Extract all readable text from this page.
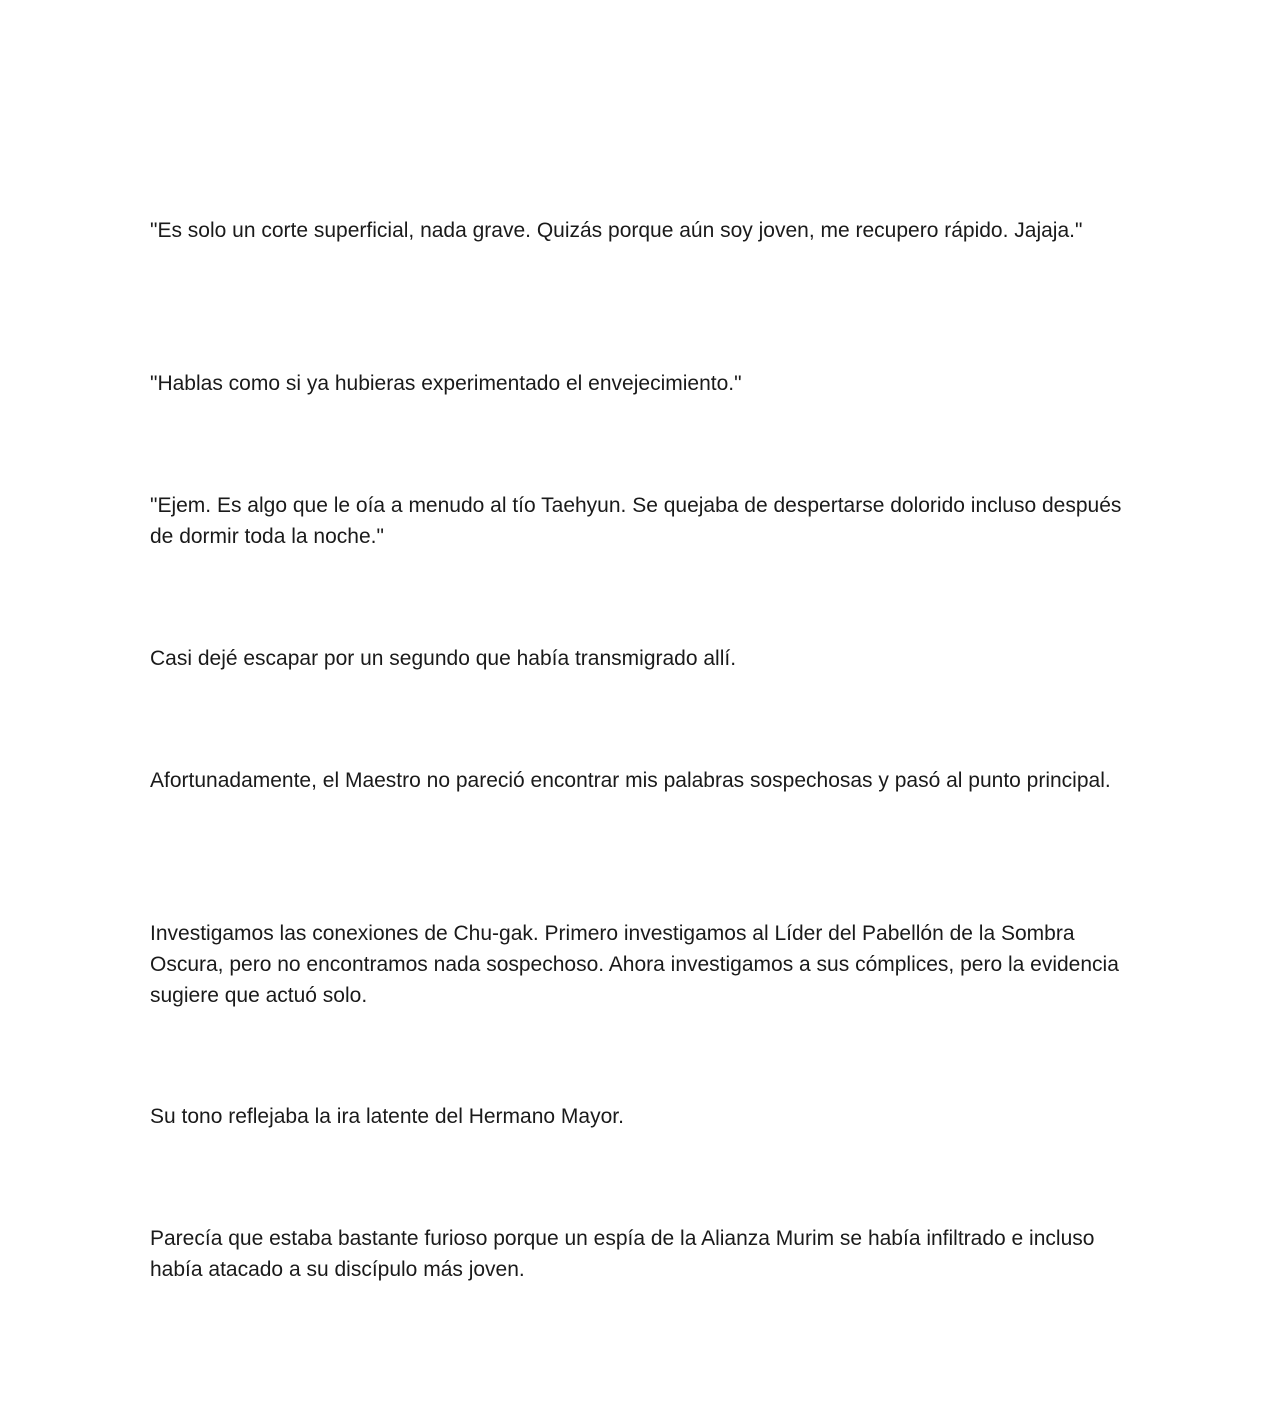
"Es solo un corte superficial, nada grave. Quizás porque aún soy joven, me recupero rápido. Jajaja."

"Hablas como si ya hubieras experimentado el envejecimiento."

"Ejem. Es algo que le oía a menudo al tío Taehyun. Se quejaba de despertarse dolorido incluso después de dormir toda la noche."

Casi dejé escapar por un segundo que había transmigrado allí.

Afortunadamente, el Maestro no pareció encontrar mis palabras sospechosas y pasó al punto principal.

Investigamos las conexiones de Chu-gak. Primero investigamos al Líder del Pabellón de la Sombra Oscura, pero no encontramos nada sospechoso. Ahora investigamos a sus cómplices, pero la evidencia sugiere que actuó solo.

Su tono reflejaba la ira latente del Hermano Mayor.

Parecía que estaba bastante furioso porque un espía de la Alianza Murim se había infiltrado e incluso había atacado a su discípulo más joven.
